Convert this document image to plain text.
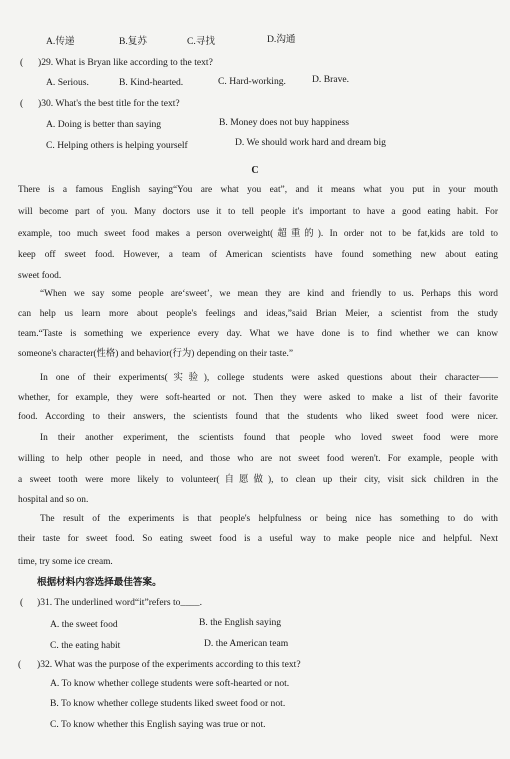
A.传递	B.复苏	C.寻找	D.沟通
( )29. What is Bryan like according to the text?
A. Serious.	B. Kind-hearted.	C. Hard-working.	D. Brave.
( )30. What's the best title for the text?
A. Doing is better than saying	B. Money does not buy happiness
C. Helping others is helping yourself	D. We should work hard and dream big
C
There is a famous English saying“You are what you eat”, and it means what you put in your mouth
will become part of you. Many doctors use it to tell people it's important to have a good eating habit. For
example, too much sweet food makes a person overweight(超重的). In order not to be fat,kids are told to
keep off sweet food. However, a team of American scientists have found something new about eating
sweet food.
“When we say some people are‘sweet’, we mean they are kind and friendly to us. Perhaps this word
can help us learn more about people's feelings and ideas,”said Brian Meier, a scientist from the study
team.“Taste is something we experience every day. What we have done is to find whether we can know
someone's character(性格) and behavior(行为) depending on their taste.”
In one of their experiments(实验), college students were asked questions about their character——
whether, for example, they were soft-hearted or not. Then they were asked to make a list of their favorite
food. According to their answers, the scientists found that the students who liked sweet food were nicer.
In their another experiment, the scientists found that people who loved sweet food were more
willing to help other people in need, and those who are not sweet food weren't. For example, people with
a sweet tooth were more likely to volunteer(自愿做), to clean up their city, visit sick children in the
hospital and so on.
The result of the experiments is that people's helpfulness or being nice has something to do with
their taste for sweet food. So eating sweet food is a useful way to make people nice and helpful. Next
time, try some ice cream.
根据材料内容选择最佳答案。
( )31. The underlined word“it”refers to____.
A. the sweet food	B. the English saying
C. the eating habit	D. the American team
( )32. What was the purpose of the experiments according to this text?
A. To know whether college students were soft-hearted or not.
B. To know whether college students liked sweet food or not.
C. To know whether this English saying was true or not.
